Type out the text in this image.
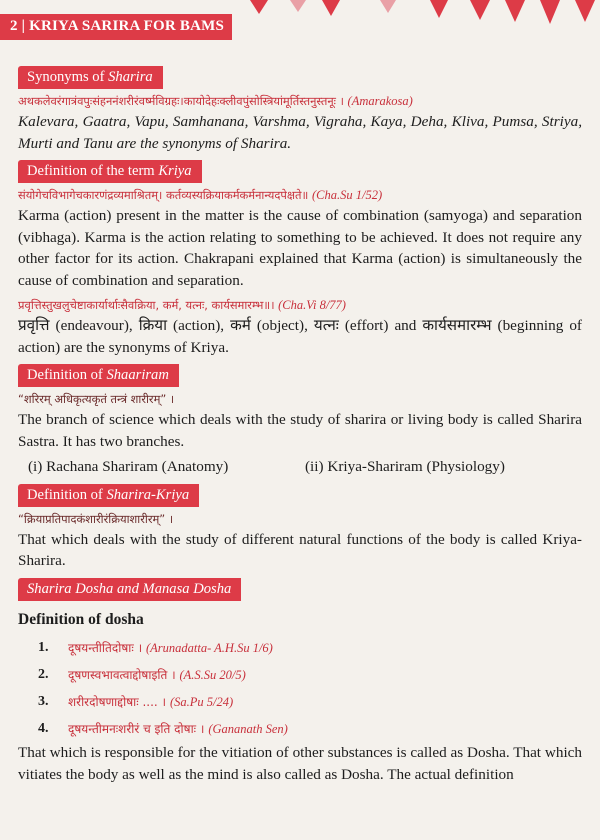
2 | KRIYA SARIRA FOR BAMS
Synonyms of Sharira
अथकलेवरंगात्रंवपुःसंहननंशरीरंवर्ष्मविग्रहः।कायोदेहःक्लीवपुंसोस्त्रियांमूर्तिस्तनुस्तनूः । (Amarakosa)

Kalevara, Gaatra, Vapu, Samhanana, Varshma, Vigraha, Kaya, Deha, Kliva, Pumsa, Striya, Murti and Tanu are the synonyms of Sharira.

Definition of the term Kriya
संयोगेचविभागेचकारणंद्रव्यमाश्रितम्। कर्तव्यस्यक्रियाकर्मकर्मनान्यदपेक्षते॥ (Cha.Su 1/52)

Karma (action) present in the matter is the cause of combination (samyoga) and separation (vibhaga). Karma is the action relating to something to be achieved. It does not require any other factor for its action. Chakrapani explained that Karma (action) is simultaneously the cause of combination and separation.

प्रवृत्तिस्तुखलुचेष्टाकार्यार्थाःसैवक्रिया, कर्म, यत्नः, कार्यसमारम्भ॥। (Cha.Vi 8/77)

प्रवृत्ति (endeavour), क्रिया (action), कर्म (object), यत्नः (effort) and कार्यसमारम्भ (beginning of action) are the synonyms of Kriya.

Definition of Shaariram
“शरिरम् अधिकृत्यकृतं तन्त्रं शारीरम्” ।

The branch of science which deals with the study of sharira or living body is called Sharira Sastra. It has two branches.

(i) Rachana Shariram (Anatomy)	(ii) Kriya-Shariram (Physiology)
Definition of Sharira-Kriya
“क्रियाप्रतिपादकंशारीरंक्रियाशारीरम्” ।

That which deals with the study of different natural functions of the body is called Kriya-Sharira.

Sharira Dosha and Manasa Dosha
Definition of dosha
1.	दूषयन्तीतिदोषाः । (Arunadatta- A.H.Su 1/6)
2.	दूषणस्वभावत्वाद्दोषाइति । (A.S.Su 20/5)
3.	शरीरदोषणाद्दोषाः .... । (Sa.Pu 5/24)
4.	दूषयन्तीमनःशरीरं च इति दोषाः । (Gananath Sen)

That which is responsible for the vitiation of other substances is called as Dosha. That which vitiates the body as well as the mind is also called as Dosha. The actual definition
